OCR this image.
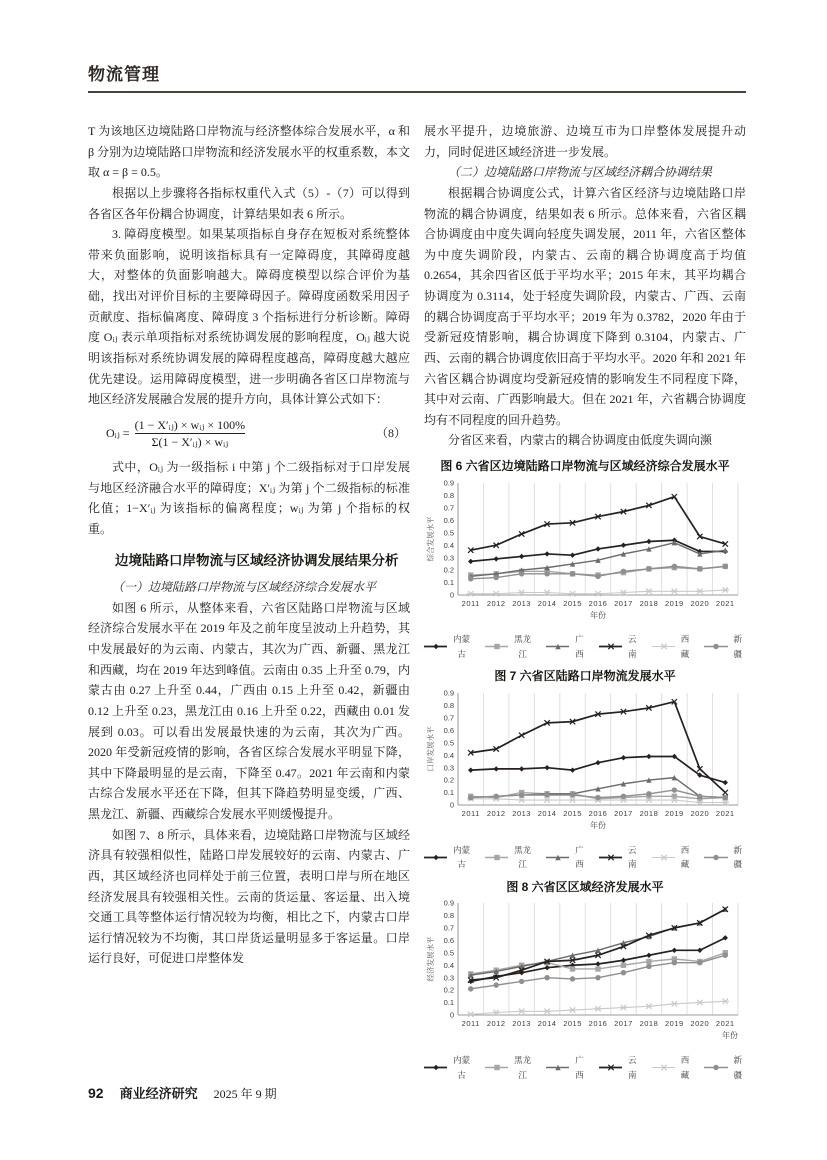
物流管理

T 为该地区边境陆路口岸物流与经济整体综合发展水平，α 和 β 分别为边境陆路口岸物流和经济发展水平的权重系数，本文取 α = β = 0.5。

根据以上步骤将各指标权重代入式（5）-（7）可以得到各省区各年份耦合协调度，计算结果如表 6 所示。

3. 障碍度模型。如果某项指标自身存在短板对系统整体带来负面影响，说明该指标具有一定障碍度，其障碍度越大，对整体的负面影响越大。障碍度模型以综合评价为基础，找出对评价目标的主要障碍因子。障碍度函数采用因子贡献度、指标偏离度、障碍度 3 个指标进行分析诊断。障碍度 Oᵢⱼ 表示单项指标对系统协调发展的影响程度，Oᵢⱼ 越大说明该指标对系统协调发展的障碍程度越高，障碍度越大越应优先建设。运用障碍度模型，进一步明确各省区口岸物流与地区经济发展融合发展的提升方向，具体计算公式如下：

Oᵢⱼ = $\frac{\text{(1 − X′ᵢⱼ) × wᵢⱼ × 100\%}}{\text{Σ(1 − X′ᵢⱼ) × wᵢⱼ}}$	（8）

式中，Oᵢⱼ 为一级指标 i 中第 j 个二级指标对于口岸发展与地区经济融合水平的障碍度；X′ᵢⱼ 为第 j 个二级指标的标准化值；1−X′ᵢⱼ 为该指标的偏离程度；wᵢⱼ 为第 j 个指标的权重。

边境陆路口岸物流与区域经济协调发展结果分析

（一）边境陆路口岸物流与区域经济综合发展水平

如图 6 所示，从整体来看，六省区陆路口岸物流与区域经济综合发展水平在 2019 年及之前年度呈波动上升趋势，其中发展最好的为云南、内蒙古，其次为广西、新疆、黑龙江和西藏，均在 2019 年达到峰值。云南由 0.35 上升至 0.79，内蒙古由 0.27 上升至 0.44，广西由 0.15 上升至 0.42，新疆由 0.12 上升至 0.23，黑龙江由 0.16 上升至 0.22，西藏由 0.01 发展到 0.03。可以看出发展最快速的为云南，其次为广西。2020 年受新冠疫情的影响，各省区综合发展水平明显下降，其中下降最明显的是云南，下降至 0.47。2021 年云南和内蒙古综合发展水平还在下降，但其下降趋势明显变缓，广西、黑龙江、新疆、西藏综合发展水平则缓慢提升。

如图 7、8 所示，具体来看，边境陆路口岸物流与区域经济具有较强相似性，陆路口岸发展较好的云南、内蒙古、广西，其区域经济也同样处于前三位置，表明口岸与所在地区经济发展具有较强相关性。云南的货运量、客运量、出入境交通工具等整体运行情况较为均衡，相比之下，内蒙古口岸运行情况较为不均衡，其口岸货运量明显多于客运量。口岸运行良好，可促进口岸整体发

展水平提升，边境旅游、边境互市为口岸整体发展提升动力，同时促进区域经济进一步发展。

（二）边境陆路口岸物流与区域经济耦合协调结果

根据耦合协调度公式，计算六省区经济与边境陆路口岸物流的耦合协调度，结果如表 6 所示。总体来看，六省区耦合协调度由中度失调向轻度失调发展，2011 年，六省区整体为中度失调阶段，内蒙古、云南的耦合协调度高于均值 0.2654，其余四省区低于平均水平；2015 年末，其平均耦合协调度为 0.3114，处于轻度失调阶段，内蒙古、广西、云南的耦合协调度高于平均水平；2019 年为 0.3782，2020 年由于受新冠疫情影响，耦合协调度下降到 0.3104，内蒙古、广西、云南的耦合协调度依旧高于平均水平。2020 年和 2021 年六省区耦合协调度均受新冠疫情的影响发生不同程度下降，其中对云南、广西影响最大。但在 2021 年，六省耦合协调度均有不同程度的回升趋势。

分省区来看，内蒙古的耦合协调度由低度失调向濒

图 6 六省区边境陆路口岸物流与区域经济综合发展水平
0
0.1
0.2
0.3
0.4
0.5
0.6
0.7
0.8
0.9
2011 2012 2013 2014 2015 2016 2017 2018 2019 2020 2021
年份
综合发展水平
内蒙古
黑龙江
广西
云南
西藏
新疆
图 7 六省区陆路口岸物流发展水平
0
0.1
0.2
0.3
0.4
0.5
0.6
0.7
0.8
0.9
2011 2012 2013 2014 2015 2016 2017 2018 2019 2020 2021
年份
口岸发展水平
内蒙古
黑龙江
广西
云南
西藏
新疆
图 8 六省区区域经济发展水平
0
0.1
0.2
0.3
0.4
0.5
0.6
0.7
0.8
0.9
2011 2012 2013 2014 2015 2016 2017 2018 2019 2020 2021
年份
经济发展水平
内蒙古
黑龙江
广西
云南
西藏
新疆
92 商业经济研究 2025 年 9 期
